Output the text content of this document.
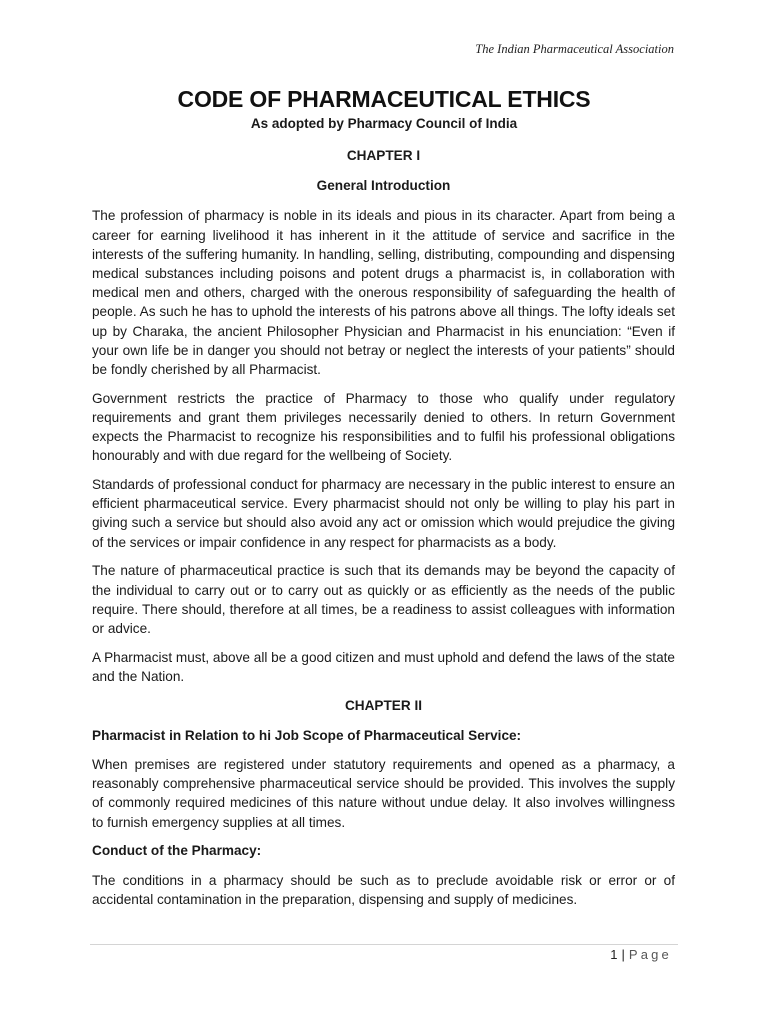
The Indian Pharmaceutical Association
CODE OF PHARMACEUTICAL ETHICS

As adopted by Pharmacy Council of India

CHAPTER I

General Introduction

The profession of pharmacy is noble in its ideals and pious in its character. Apart from being a career for earning livelihood it has inherent in it the attitude of service and sacrifice in the interests of the suffering humanity. In handling, selling, distributing, compounding and dispensing medical substances including poisons and potent drugs a pharmacist is, in collaboration with medical men and others, charged with the onerous responsibility of safeguarding the health of people. As such he has to uphold the interests of his patrons above all things. The lofty ideals set up by Charaka, the ancient Philosopher Physician and Pharmacist in his enunciation: “Even if your own life be in danger you should not betray or neglect the interests of your patients” should be fondly cherished by all Pharmacist.

Government restricts the practice of Pharmacy to those who qualify under regulatory requirements and grant them privileges necessarily denied to others. In return Government expects the Pharmacist to recognize his responsibilities and to fulfil his professional obligations honourably and with due regard for the wellbeing of Society.

Standards of professional conduct for pharmacy are necessary in the public interest to ensure an efficient pharmaceutical service. Every pharmacist should not only be willing to play his part in giving such a service but should also avoid any act or omission which would prejudice the giving of the services or impair confidence in any respect for pharmacists as a body.

The nature of pharmaceutical practice is such that its demands may be beyond the capacity of the individual to carry out or to carry out as quickly or as efficiently as the needs of the public require. There should, therefore at all times, be a readiness to assist colleagues with information or advice.

A Pharmacist must, above all be a good citizen and must uphold and defend the laws of the state and the Nation.

CHAPTER II

Pharmacist in Relation to hi Job Scope of Pharmaceutical Service:

When premises are registered under statutory requirements and opened as a pharmacy, a reasonably comprehensive pharmaceutical service should be provided. This involves the supply of commonly required medicines of this nature without undue delay. It also involves willingness to furnish emergency supplies at all times.

Conduct of the Pharmacy:

The conditions in a pharmacy should be such as to preclude avoidable risk or error or of accidental contamination in the preparation, dispensing and supply of medicines.

1 | Page
